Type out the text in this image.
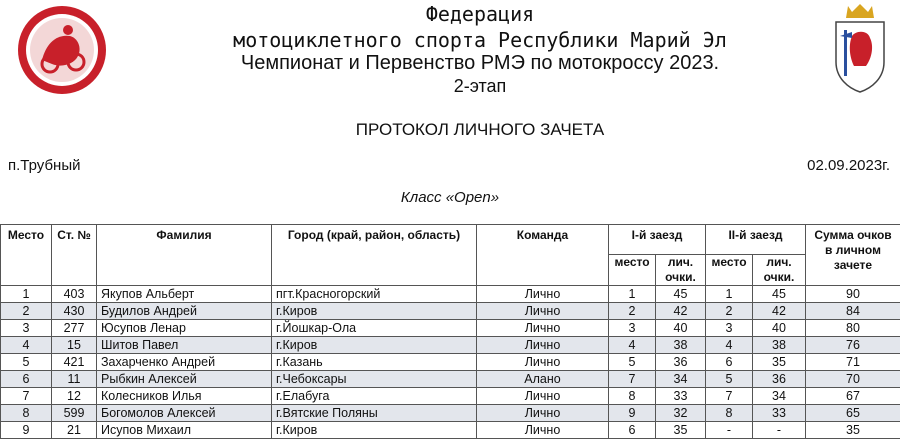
Федерация
мотоциклетного спорта Республики Марий Эл
Чемпионат и Первенство РМЭ по мотокроссу 2023.
2-этап
ПРОТОКОЛ ЛИЧНОГО ЗАЧЕТА
п.Трубный	02.09.2023г.
Класс «Open»
Место	Ст. №	Фамилия	Город (край, район, область)	Команда	I-й заезд		II-й заезд		Сумма очков в личном зачете
					место	лич. очки.	место	лич. очки.	
1	403	Якупов Альберт	пгт.Красногорский	Лично	1	45	1	45	90
2	430	Будилов Андрей	г.Киров	Лично	2	42	2	42	84
3	277	Юсупов Ленар	г.Йошкар-Ола	Лично	3	40	3	40	80
4	15	Шитов Павел	г.Киров	Лично	4	38	4	38	76
5	421	Захарченко Андрей	г.Казань	Лично	5	36	6	35	71
6	11	Рыбкин Алексей	г.Чебоксары	Алано	7	34	5	36	70
7	12	Колесников Илья	г.Елабуга	Лично	8	33	7	34	67
8	599	Богомолов Алексей	г.Вятские Поляны	Лично	9	32	8	33	65
9	21	Исупов Михаил	г.Киров	Лично	6	35	-	-	35
